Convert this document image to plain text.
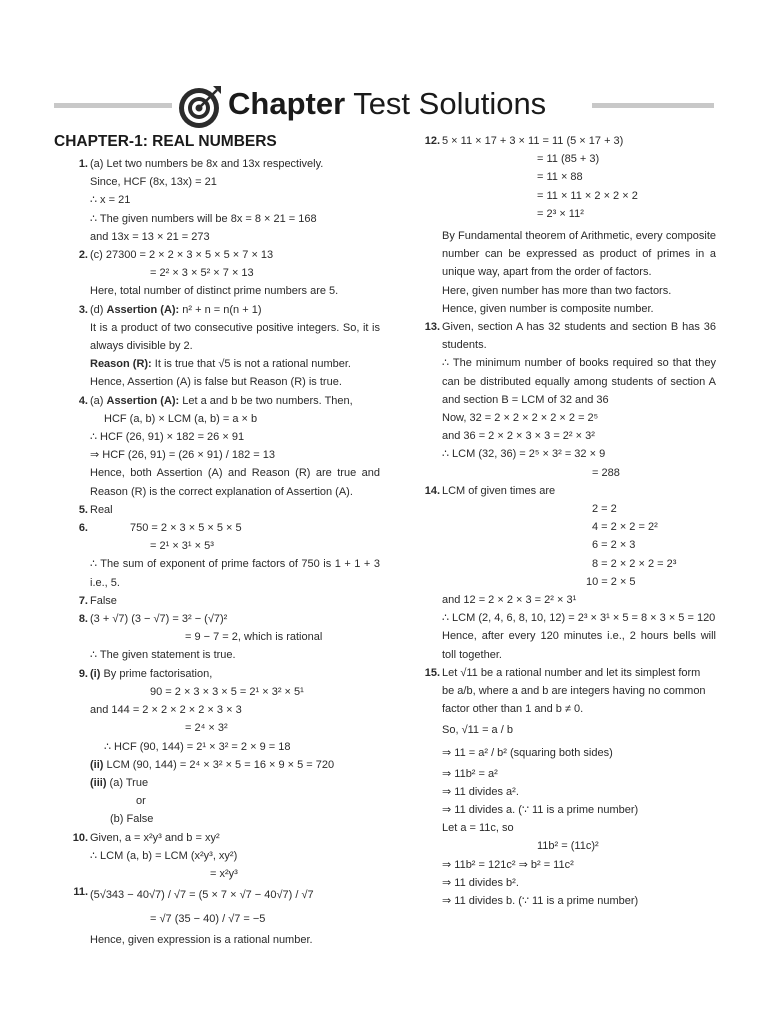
Chapter Test Solutions
CHAPTER-1: REAL NUMBERS
1. (a) Let two numbers be 8x and 13x respectively.
Since, HCF (8x, 13x) = 21
∴ x = 21
∴ The given numbers will be 8x = 8 × 21 = 168
and 13x = 13 × 21 = 273
2. (c) 27300 = 2 × 2 × 3 × 5 × 5 × 7 × 13
= 2² × 3 × 5² × 7 × 13
Here, total number of distinct prime numbers are 5.
3. (d) Assertion (A): n² + n = n(n + 1)
It is a product of two consecutive positive integers. So, it is always divisible by 2.
Reason (R): It is true that √5 is not a rational number.
Hence, Assertion (A) is false but Reason (R) is true.
4. (a) Assertion (A): Let a and b be two numbers. Then,
HCF (a, b) × LCM (a, b) = a × b
∴ HCF (26, 91) × 182 = 26 × 91
⇒ HCF (26, 91) = (26 × 91) / 182 = 13
Hence, both Assertion (A) and Reason (R) are true and Reason (R) is the correct explanation of Assertion (A).
5. Real
6.	750 = 2 × 3 × 5 × 5 × 5
= 2¹ × 3¹ × 5³
∴ The sum of exponent of prime factors of 750 is 1 + 1 + 3 i.e., 5.
7. False
8. (3 + √7) (3 − √7) = 3² − (√7)²
= 9 − 7 = 2, which is rational
∴ The given statement is true.
9. (i) By prime factorisation,
90 = 2 × 3 × 3 × 5 = 2¹ × 3² × 5¹
and 144 = 2 × 2 × 2 × 2 × 3 × 3
= 2⁴ × 3²
∴ HCF (90, 144) = 2¹ × 3² = 2 × 9 = 18
(ii) LCM (90, 144) = 2⁴ × 3² × 5 = 16 × 9 × 5 = 720
(iii) (a) True
or
(b) False
10. Given, a = x²y³ and b = xy²
∴ LCM (a, b) = LCM (x²y³, xy²)
= x²y³
11. (5√343 − 40√7) / √7 = (5 × 7 × √7 − 40√7) / √7
= √7 (35 − 40) / √7 = −5
Hence, given expression is a rational number.
12. 5 × 11 × 17 + 3 × 11 = 11 (5 × 17 + 3)
= 11 (85 + 3)
= 11 × 88
= 11 × 11 × 2 × 2 × 2
= 2³ × 11²
By Fundamental theorem of Arithmetic, every composite number can be expressed as product of primes in a unique way, apart from the order of factors.
Here, given number has more than two factors.
Hence, given number is composite number.
13. Given, section A has 32 students and section B has 36 students.
∴ The minimum number of books required so that they can be distributed equally among students of section A and section B = LCM of 32 and 36
Now, 32 = 2 × 2 × 2 × 2 × 2 = 2⁵
and 36 = 2 × 2 × 3 × 3 = 2² × 3²
∴ LCM (32, 36) = 2⁵ × 3² = 32 × 9
= 288
14. LCM of given times are
2 = 2
4 = 2 × 2 = 2²
6 = 2 × 3
8 = 2 × 2 × 2 = 2³
10 = 2 × 5
and 12 = 2 × 2 × 3 = 2² × 3¹
∴ LCM (2, 4, 6, 8, 10, 12) = 2³ × 3¹ × 5 = 8 × 3 × 5 = 120
Hence, after every 120 minutes i.e., 2 hours bells will toll together.
15. Let √11 be a rational number and let its simplest form
be a/b, where a and b are integers having no common
factor other than 1 and b ≠ 0.
So, √11 = a / b
⇒ 11 = a² / b² (squaring both sides)
⇒ 11b² = a²
⇒ 11 divides a².
⇒ 11 divides a. (∵ 11 is a prime number)
Let a = 11c, so
11b² = (11c)²
⇒ 11b² = 121c² ⇒ b² = 11c²
⇒ 11 divides b².
⇒ 11 divides b. (∵ 11 is a prime number)
